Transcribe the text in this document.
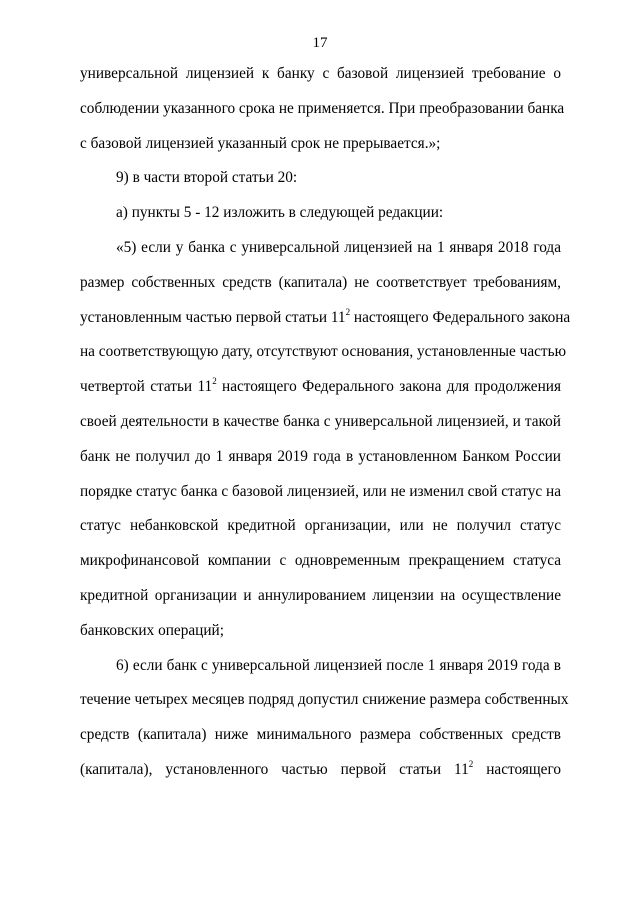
17
универсальной лицензией к банку с базовой лицензией требование о
соблюдении указанного срока не применяется. При преобразовании банка
с базовой лицензией указанный срок не прерывается.»;
9) в части второй статьи 20:
а) пункты 5 - 12 изложить в следующей редакции:
«5) если у банка с универсальной лицензией на 1 января 2018 года
размер собственных средств (капитала) не соответствует требованиям,
установленным частью первой статьи $11^2$ настоящего Федерального закона
на соответствующую дату, отсутствуют основания, установленные частью
четвертой статьи $11^2$ настоящего Федерального закона для продолжения
своей деятельности в качестве банка с универсальной лицензией, и такой
банк не получил до 1 января 2019 года в установленном Банком России
порядке статус банка с базовой лицензией, или не изменил свой статус на
статус небанковской кредитной организации, или не получил статус
микрофинансовой компании с одновременным прекращением статуса
кредитной организации и аннулированием лицензии на осуществление
банковских операций;
6) если банк с универсальной лицензией после 1 января 2019 года в
течение четырех месяцев подряд допустил снижение размера собственных
средств (капитала) ниже минимального размера собственных средств
(капитала), установленного частью первой статьи $11^2$ настоящего
